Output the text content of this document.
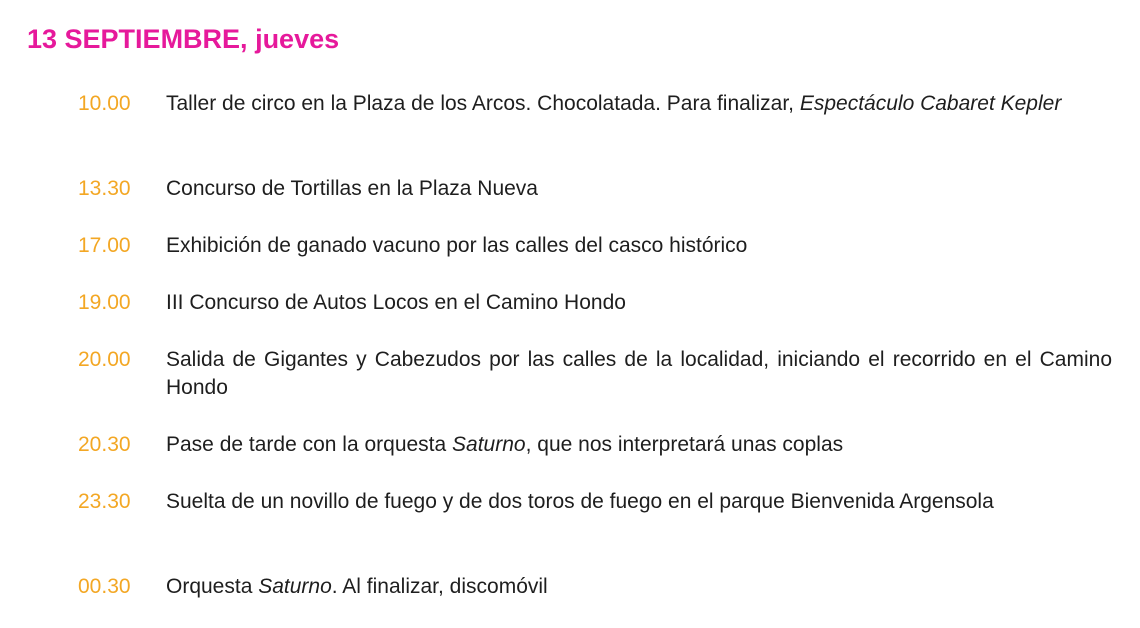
13 SEPTIEMBRE, jueves
10.00	Taller de circo en la Plaza de los Arcos. Chocolatada. Para finalizar, Espectáculo Cabaret Kepler
13.30	Concurso de Tortillas en la Plaza Nueva
17.00	Exhibición de ganado vacuno por las calles del casco histórico
19.00	III Concurso de Autos Locos en el Camino Hondo
20.00	Salida de Gigantes y Cabezudos por las calles de la localidad, iniciando el recorrido en el Camino Hondo
20.30	Pase de tarde con la orquesta Saturno, que nos interpretará unas coplas
23.30	Suelta de un novillo de fuego y de dos toros de fuego en el parque Bienvenida Argensola
00.30	Orquesta Saturno. Al finalizar, discomóvil
